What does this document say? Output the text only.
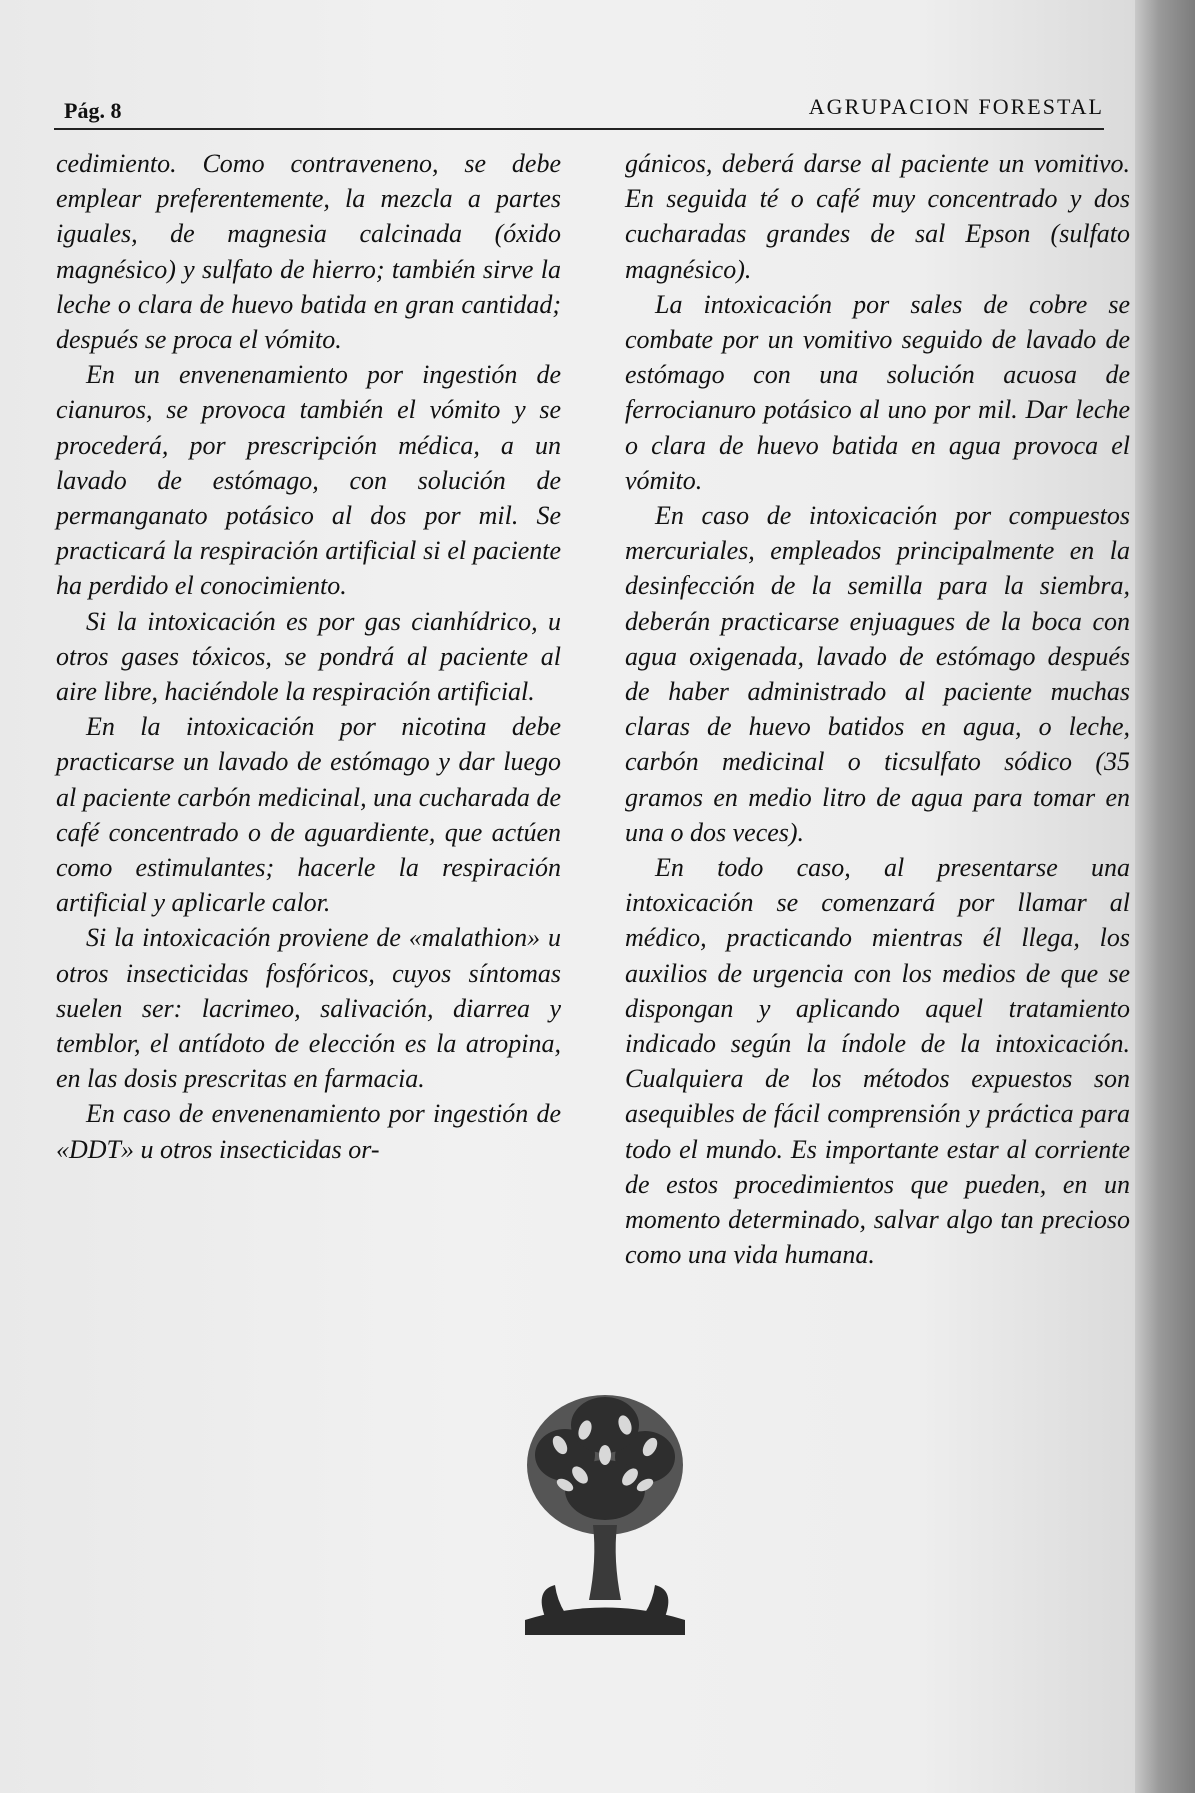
Pág. 8	AGRUPACION FORESTAL

cedimiento. Como contraveneno, se debe emplear preferentemente, la mezcla a partes iguales, de magnesia calcinada (óxido magnésico) y sulfato de hierro; también sirve la leche o clara de huevo batida en gran cantidad; después se proca el vómito.

En un envenenamiento por ingestión de cianuros, se provoca también el vómito y se procederá, por prescripción médica, a un lavado de estómago, con solución de permanganato potásico al dos por mil. Se practicará la respiración artificial si el paciente ha perdido el conocimiento.

Si la intoxicación es por gas cianhídrico, u otros gases tóxicos, se pondrá al paciente al aire libre, haciéndole la respiración artificial.

En la intoxicación por nicotina debe practicarse un lavado de estómago y dar luego al paciente carbón medicinal, una cucharada de café concentrado o de aguardiente, que actúen como estimulantes; hacerle la respiración artificial y aplicarle calor.

Si la intoxicación proviene de «malathion» u otros insecticidas fosfóricos, cuyos síntomas suelen ser: lacrimeo, salivación, diarrea y temblor, el antídoto de elección es la atropina, en las dosis prescritas en farmacia.

En caso de envenenamiento por ingestión de «DDT» u otros insecticidas or-

gánicos, deberá darse al paciente un vomitivo. En seguida té o café muy concentrado y dos cucharadas grandes de sal Epson (sulfato magnésico).

La intoxicación por sales de cobre se combate por un vomitivo seguido de lavado de estómago con una solución acuosa de ferrocianuro potásico al uno por mil. Dar leche o clara de huevo batida en agua provoca el vómito.

En caso de intoxicación por compuestos mercuriales, empleados principalmente en la desinfección de la semilla para la siembra, deberán practicarse enjuagues de la boca con agua oxigenada, lavado de estómago después de haber administrado al paciente muchas claras de huevo batidos en agua, o leche, carbón medicinal o ticsulfato sódico (35 gramos en medio litro de agua para tomar en una o dos veces).

En todo caso, al presentarse una intoxicación se comenzará por llamar al médico, practicando mientras él llega, los auxilios de urgencia con los medios de que se dispongan y aplicando aquel tratamiento indicado según la índole de la intoxicación. Cualquiera de los métodos expuestos son asequibles de fácil comprensión y práctica para todo el mundo. Es importante estar al corriente de estos procedimientos que pueden, en un momento determinado, salvar algo tan precioso como una vida humana.
